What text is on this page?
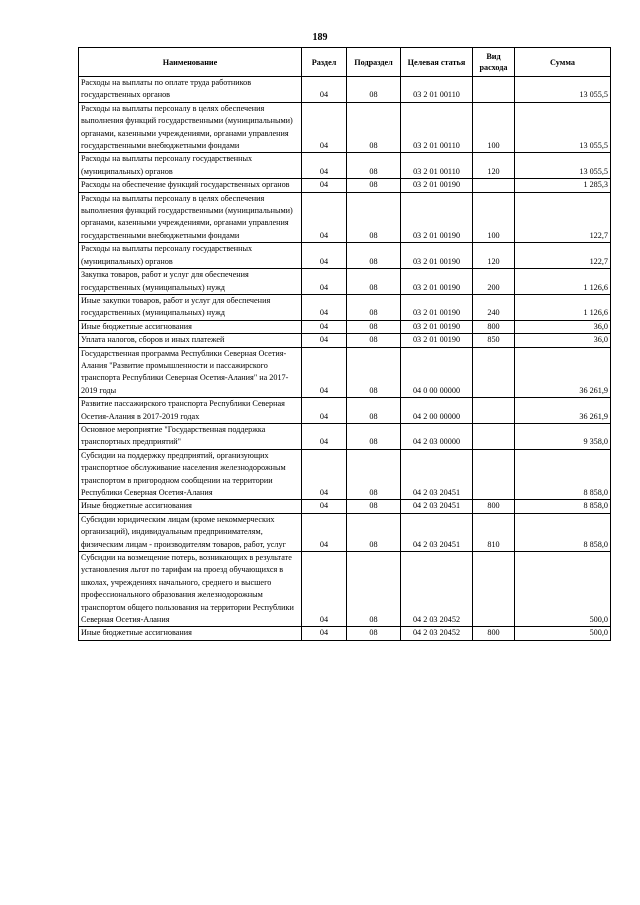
189
Наименование	Раздел	Подраздел	Целевая статья	Вид расхода	Сумма
Расходы на выплаты по оплате труда работников государственных органов	04	08	03 2 01 00110		13 055,5
Расходы на выплаты персоналу в целях обеспечения выполнения функций государственными (муниципальными) органами, казенными учреждениями, органами управления государственными внебюджетными фондами	04	08	03 2 01 00110	100	13 055,5
Расходы на выплаты персоналу государственных (муниципальных) органов	04	08	03 2 01 00110	120	13 055,5
Расходы на обеспечение функций государственных органов	04	08	03 2 01 00190		1 285,3
Расходы на выплаты персоналу в целях обеспечения выполнения функций государственными (муниципальными) органами, казенными учреждениями, органами управления государственными внебюджетными фондами	04	08	03 2 01 00190	100	122,7
Расходы на выплаты персоналу государственных (муниципальных) органов	04	08	03 2 01 00190	120	122,7
Закупка товаров, работ и услуг для обеспечения государственных (муниципальных) нужд	04	08	03 2 01 00190	200	1 126,6
Иные закупки товаров, работ и услуг для обеспечения государственных (муниципальных) нужд	04	08	03 2 01 00190	240	1 126,6
Иные бюджетные ассигнования	04	08	03 2 01 00190	800	36,0
Уплата налогов, сборов и иных платежей	04	08	03 2 01 00190	850	36,0
Государственная программа Республики Северная Осетия-Алания "Развитие промышленности и пассажирского транспорта Республики Северная Осетия-Алания" на 2017-2019 годы	04	08	04 0 00 00000		36 261,9
Развитие пассажирского транспорта Республики Северная Осетия-Алания в 2017-2019 годах	04	08	04 2 00 00000		36 261,9
Основное мероприятие "Государственная поддержка транспортных предприятий"	04	08	04 2 03 00000		9 358,0
Субсидии на поддержку предприятий, организующих транспортное обслуживание населения железнодорожным транспортом в пригородном сообщении на территории Республики Северная Осетия-Алания	04	08	04 2 03 20451		8 858,0
Иные бюджетные ассигнования	04	08	04 2 03 20451	800	8 858,0
Субсидии юридическим лицам (кроме некоммерческих организаций), индивидуальным предпринимателям, физическим лицам - производителям товаров, работ, услуг	04	08	04 2 03 20451	810	8 858,0
Субсидии на возмещение потерь, возникающих в результате установления льгот по тарифам на проезд обучающихся в школах, учреждениях начального, среднего и высшего профессионального образования железнодорожным транспортом общего пользования на территории Республики Северная Осетия-Алания	04	08	04 2 03 20452		500,0
Иные бюджетные ассигнования	04	08	04 2 03 20452	800	500,0
